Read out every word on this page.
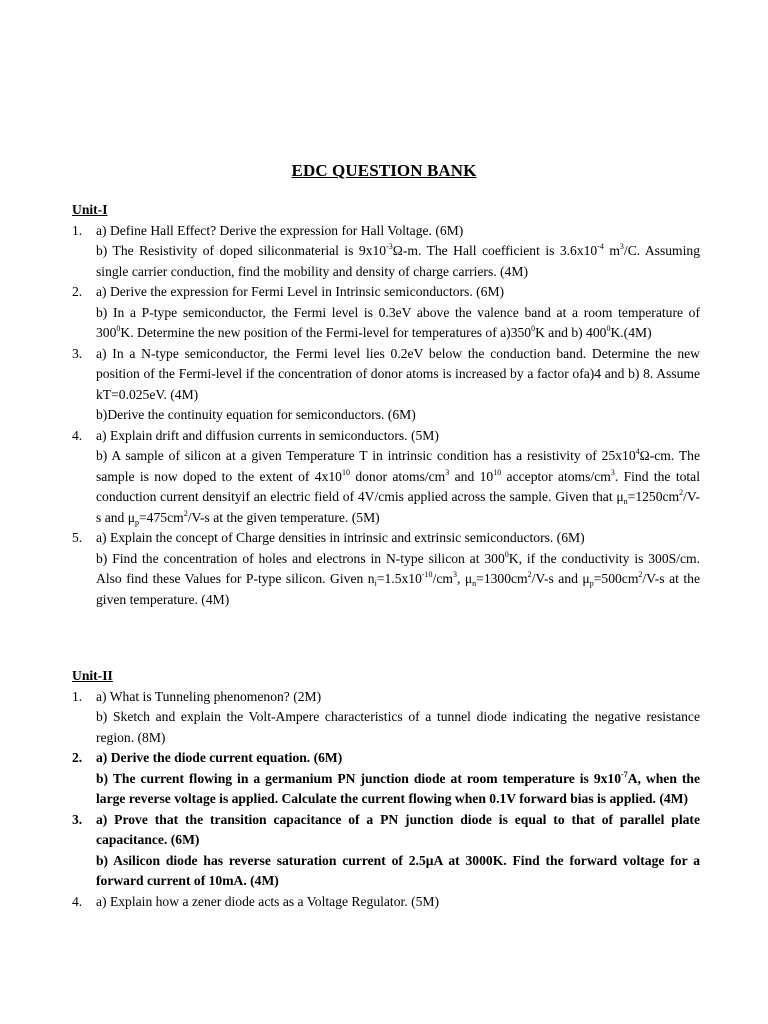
EDC QUESTION BANK
Unit-I
1.	a) Define Hall Effect? Derive the expression for Hall Voltage. (6M)

b) The Resistivity of doped siliconmaterial is $9x10^{-3}\Omega-m$. The Hall coefficient is $3.6x10^{-4}$ $m^3/C$. Assuming single carrier conduction, find the mobility and density of charge carriers. (4M)

2.	a) Derive the expression for Fermi Level in Intrinsic semiconductors. (6M)

b) In a P-type semiconductor, the Fermi level is 0.3eV above the valence band at a room temperature of $300^0K$. Determine the new position of the Fermi-level for temperatures of $a)350^0K$ and b) $400^0K.(4M)$

3.	a) In a N-type semiconductor, the Fermi level lies 0.2eV below the conduction band. Determine the new position of the Fermi-level if the concentration of donor atoms is increased by a factor ofa)4 and b) 8. Assume kT=0.025eV. (4M)

b)Derive the continuity equation for semiconductors. (6M)

4.	a) Explain drift and diffusion currents in semiconductors. (5M)

b) A sample of silicon at a given Temperature T in intrinsic condition has a resistivity of $25x10^4\Omega-cm$. The sample is now doped to the extent of $4x10^{10}$ donor atoms/$cm^3$ and $10^{10}$ acceptor atoms/$cm^3$. Find the total conduction current densityif an electric field of 4V/cmis applied across the sample. Given that $\mu_n=1250cm^2/V-s$ and $\mu_p=475cm^2/V-s$ at the given temperature. (5M)

5.	a) Explain the concept of Charge densities in intrinsic and extrinsic semiconductors. (6M)

b) Find the concentration of holes and electrons in N-type silicon at $300^0K$, if the conductivity is 300S/cm. Also find these Values for P-type silicon. Given $n_i=1.5x10^{-10}/cm^3$, $\mu_n=1300cm^2/V-s$ and $\mu_p=500cm^2/V-s$ at the given temperature. (4M)

Unit-II
1.	a) What is Tunneling phenomenon? (2M)

b) Sketch and explain the Volt-Ampere characteristics of a tunnel diode indicating the negative resistance region. (8M)

2.	a) Derive the diode current equation. (6M)

b) The current flowing in a germanium PN junction diode at room temperature is $9x10^{-7}A$, when the large reverse voltage is applied. Calculate the current flowing when 0.1V forward bias is applied. (4M)

3.	a) Prove that the transition capacitance of a PN junction diode is equal to that of parallel plate capacitance. (6M)

b) Asilicon diode has reverse saturation current of 2.5μA at 3000K. Find the forward voltage for a forward current of 10mA. (4M)

4.	a) Explain how a zener diode acts as a Voltage Regulator. (5M)
